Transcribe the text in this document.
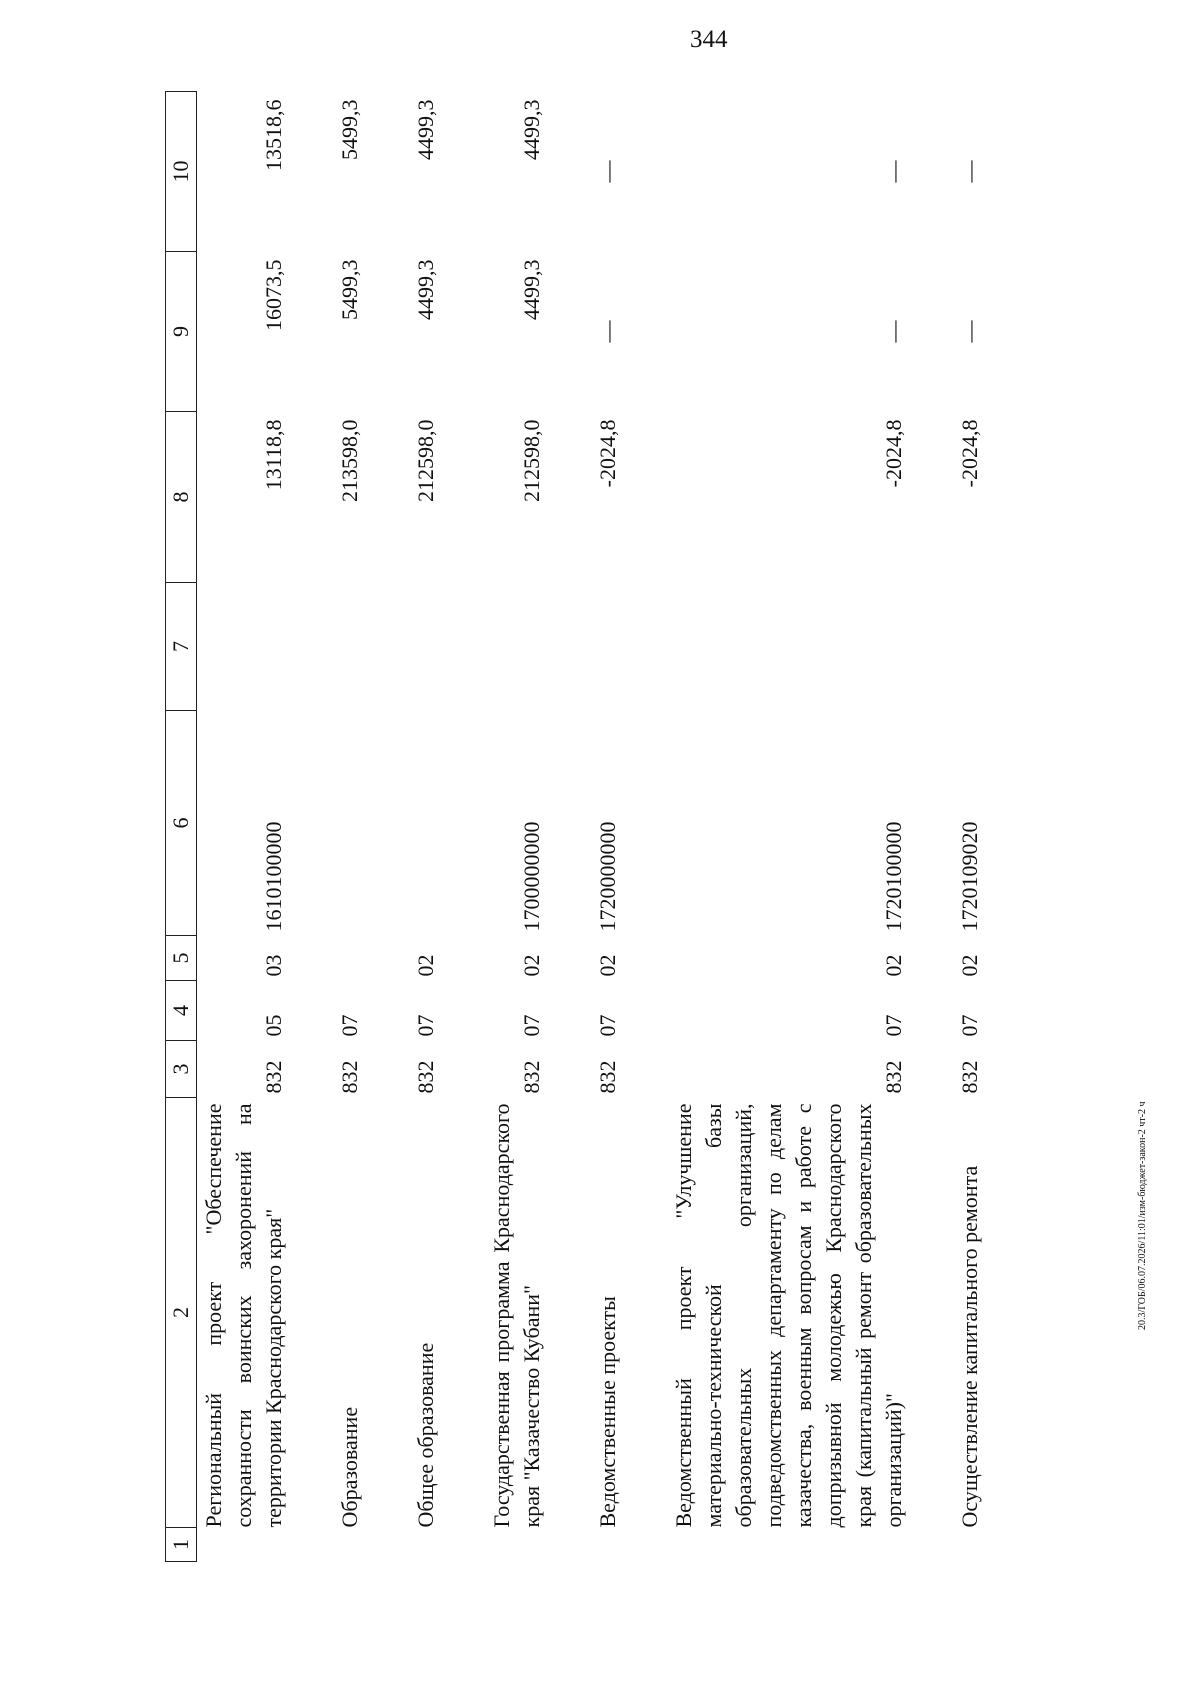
344
20.3/ГОБ/06.07.2026/11:01/изм-бюджет-закон-2 чт-2 ч
1	2	3	4	5	6	7	8	9	10
	Региональный проект "Обеспечение сохранности воинских захоронений на территории Краснодарского края"	832	05	03	1610100000		13118,8	16073,5	13518,6

	Образование	832	07				213598,0	5499,3	5499,3

	Общее образование	832	07	02			212598,0	4499,3	4499,3

	Государственная программа Краснодарского края "Казачество Кубани"	832	07	02	1700000000		212598,0	4499,3	4499,3

	Ведомственные проекты	832	07	02	1720000000		-2024,8	—	—

	Ведомственный проект "Улучшение материально-технической базы образовательных организаций, подведомственных департаменту по делам казачества, военным вопросам и работе с допризывной молодежью Краснодарского края (капитальный ремонт образовательных организаций)"	832	07	02	1720100000		-2024,8	—	—

	Осуществление капитального ремонта	832	07	02	1720109020		-2024,8	—	—
